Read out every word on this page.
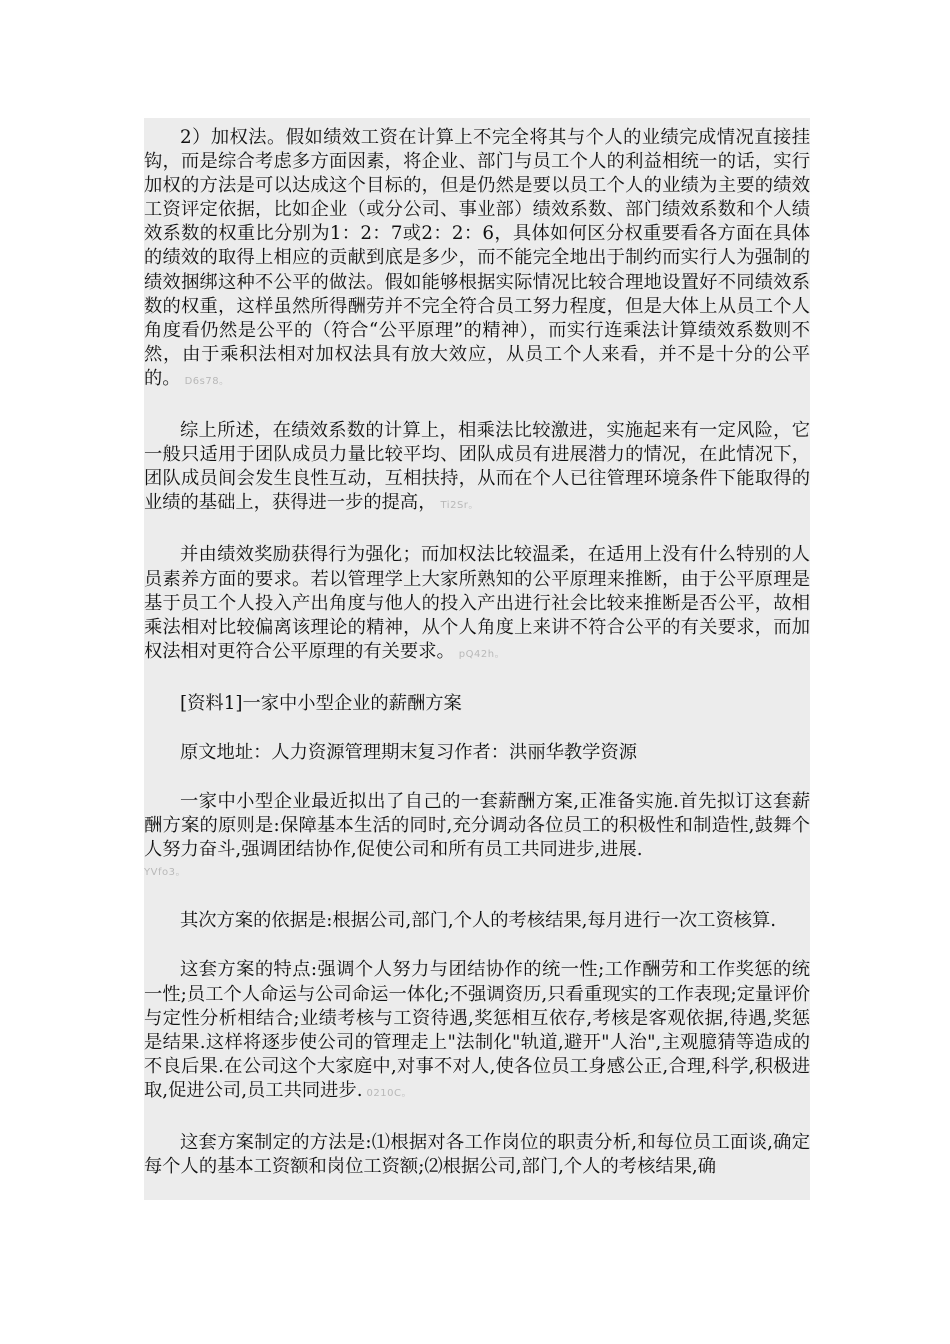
2）加权法。假如绩效工资在计算上不完全将其与个人的业绩完成情况直接挂钩，而是综合考虑多方面因素，将企业、部门与员工个人的利益相统一的话，实行加权的方法是可以达成这个目标的，但是仍然是要以员工个人的业绩为主要的绩效工资评定依据，比如企业（或分公司、事业部）绩效系数、部门绩效系数和个人绩效系数的权重比分别为1：2：7或2：2：6，具体如何区分权重要看各方面在具体的绩效的取得上相应的贡献到底是多少，而不能完全地出于制约而实行人为强制的绩效捆绑这种不公平的做法。假如能够根据实际情况比较合理地设置好不同绩效系数的权重，这样虽然所得酬劳并不完全符合员工努力程度，但是大体上从员工个人角度看仍然是公平的（符合“公平原理”的精神），而实行连乘法计算绩效系数则不然，由于乘积法相对加权法具有放大效应，从员工个人来看，并不是十分的公平的。 D6s78。

综上所述，在绩效系数的计算上，相乘法比较激进，实施起来有一定风险，它一般只适用于团队成员力量比较平均、团队成员有进展潜力的情况，在此情况下，团队成员间会发生良性互动，互相扶持，从而在个人已往管理环境条件下能取得的业绩的基础上，获得进一步的提高， Ti2Sr。

并由绩效奖励获得行为强化；而加权法比较温柔，在适用上没有什么特别的人员素养方面的要求。若以管理学上大家所熟知的公平原理来推断，由于公平原理是基于员工个人投入产出角度与他人的投入产出进行社会比较来推断是否公平，故相乘法相对比较偏离该理论的精神，从个人角度上来讲不符合公平的有关要求，而加权法相对更符合公平原理的有关要求。 pQ42h。

[资料1]一家中小型企业的薪酬方案

原文地址：人力资源管理期末复习作者：洪丽华教学资源

一家中小型企业最近拟出了自己的一套薪酬方案,正准备实施.首先拟订这套薪酬方案的原则是:保障基本生活的同时,充分调动各位员工的积极性和制造性,鼓舞个人努力奋斗,强调团结协作,促使公司和所有员工共同进步,进展.
YVfo3。

其次方案的依据是:根据公司,部门,个人的考核结果,每月进行一次工资核算.

这套方案的特点:强调个人努力与团结协作的统一性;工作酬劳和工作奖惩的统一性;员工个人命运与公司命运一体化;不强调资历,只看重现实的工作表现;定量评价与定性分析相结合;业绩考核与工资待遇,奖惩相互依存,考核是客观依据,待遇,奖惩是结果.这样将逐步使公司的管理走上"法制化"轨道,避开"人治",主观臆猜等造成的不良后果.在公司这个大家庭中,对事不对人,使各位员工身感公正,合理,科学,积极进取,促进公司,员工共同进步. 0210C。

这套方案制定的方法是:⑴根据对各工作岗位的职责分析,和每位员工面谈,确定每个人的基本工资额和岗位工资额;⑵根据公司,部门,个人的考核结果,确
